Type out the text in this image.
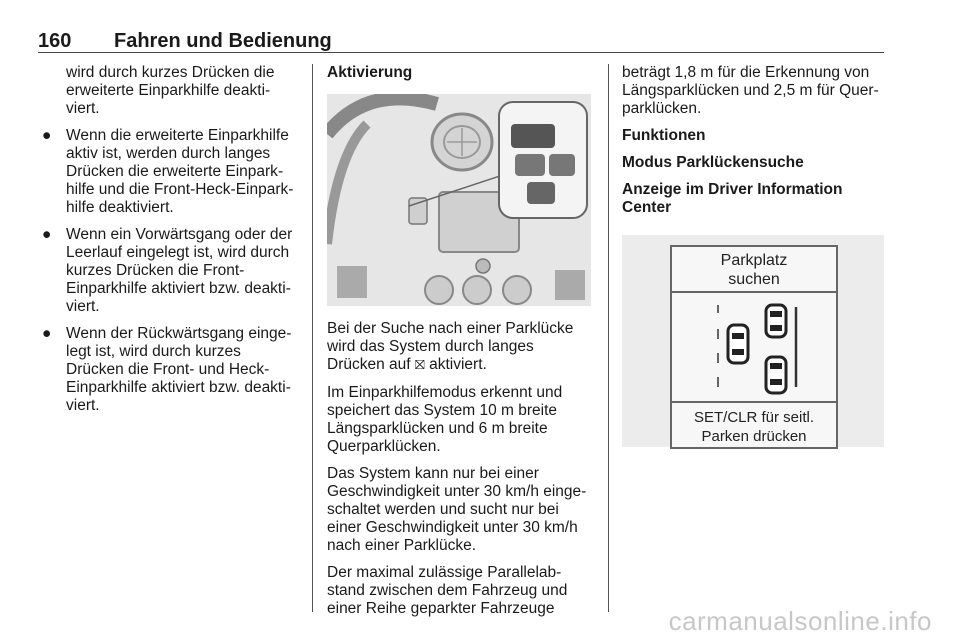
160 Fahren und Bedienung

wird durch kurzes Drücken die erweiterte Einparkhilfe deaktiviert.

● Wenn die erweiterte Einparkhilfe aktiv ist, werden durch langes Drücken die erweiterte Einparkhilfe und die Front-Heck-Einparkhilfe deaktiviert.

● Wenn ein Vorwärtsgang oder der Leerlauf eingelegt ist, wird durch kurzes Drücken die Front-Einparkhilfe aktiviert bzw. deaktiviert.

● Wenn der Rückwärtsgang eingelegt ist, wird durch kurzes Drücken die Front- und Heck-Einparkhilfe aktiviert bzw. deaktiviert.

Aktivierung

Bei der Suche nach einer Parklücke wird das System durch langes Drücken auf ⛝ aktiviert.

Im Einparkhilfemodus erkennt und speichert das System 10 m breite Längsparklücken und 6 m breite Querparklücken.

Das System kann nur bei einer Geschwindigkeit unter 30 km/h eingeschaltet werden und sucht nur bei einer Geschwindigkeit unter 30 km/h nach einer Parklücke.

Der maximal zulässige Parallelabstand zwischen dem Fahrzeug und einer Reihe geparkter Fahrzeuge

beträgt 1,8 m für die Erkennung von Längsparklücken und 2,5 m für Querparklücken.

Funktionen

Modus Parklückensuche

Anzeige im Driver Information Center

Parkplatz
suchen
SET/CLR für seitl.
Parken drücken
carmanualsonline.info
